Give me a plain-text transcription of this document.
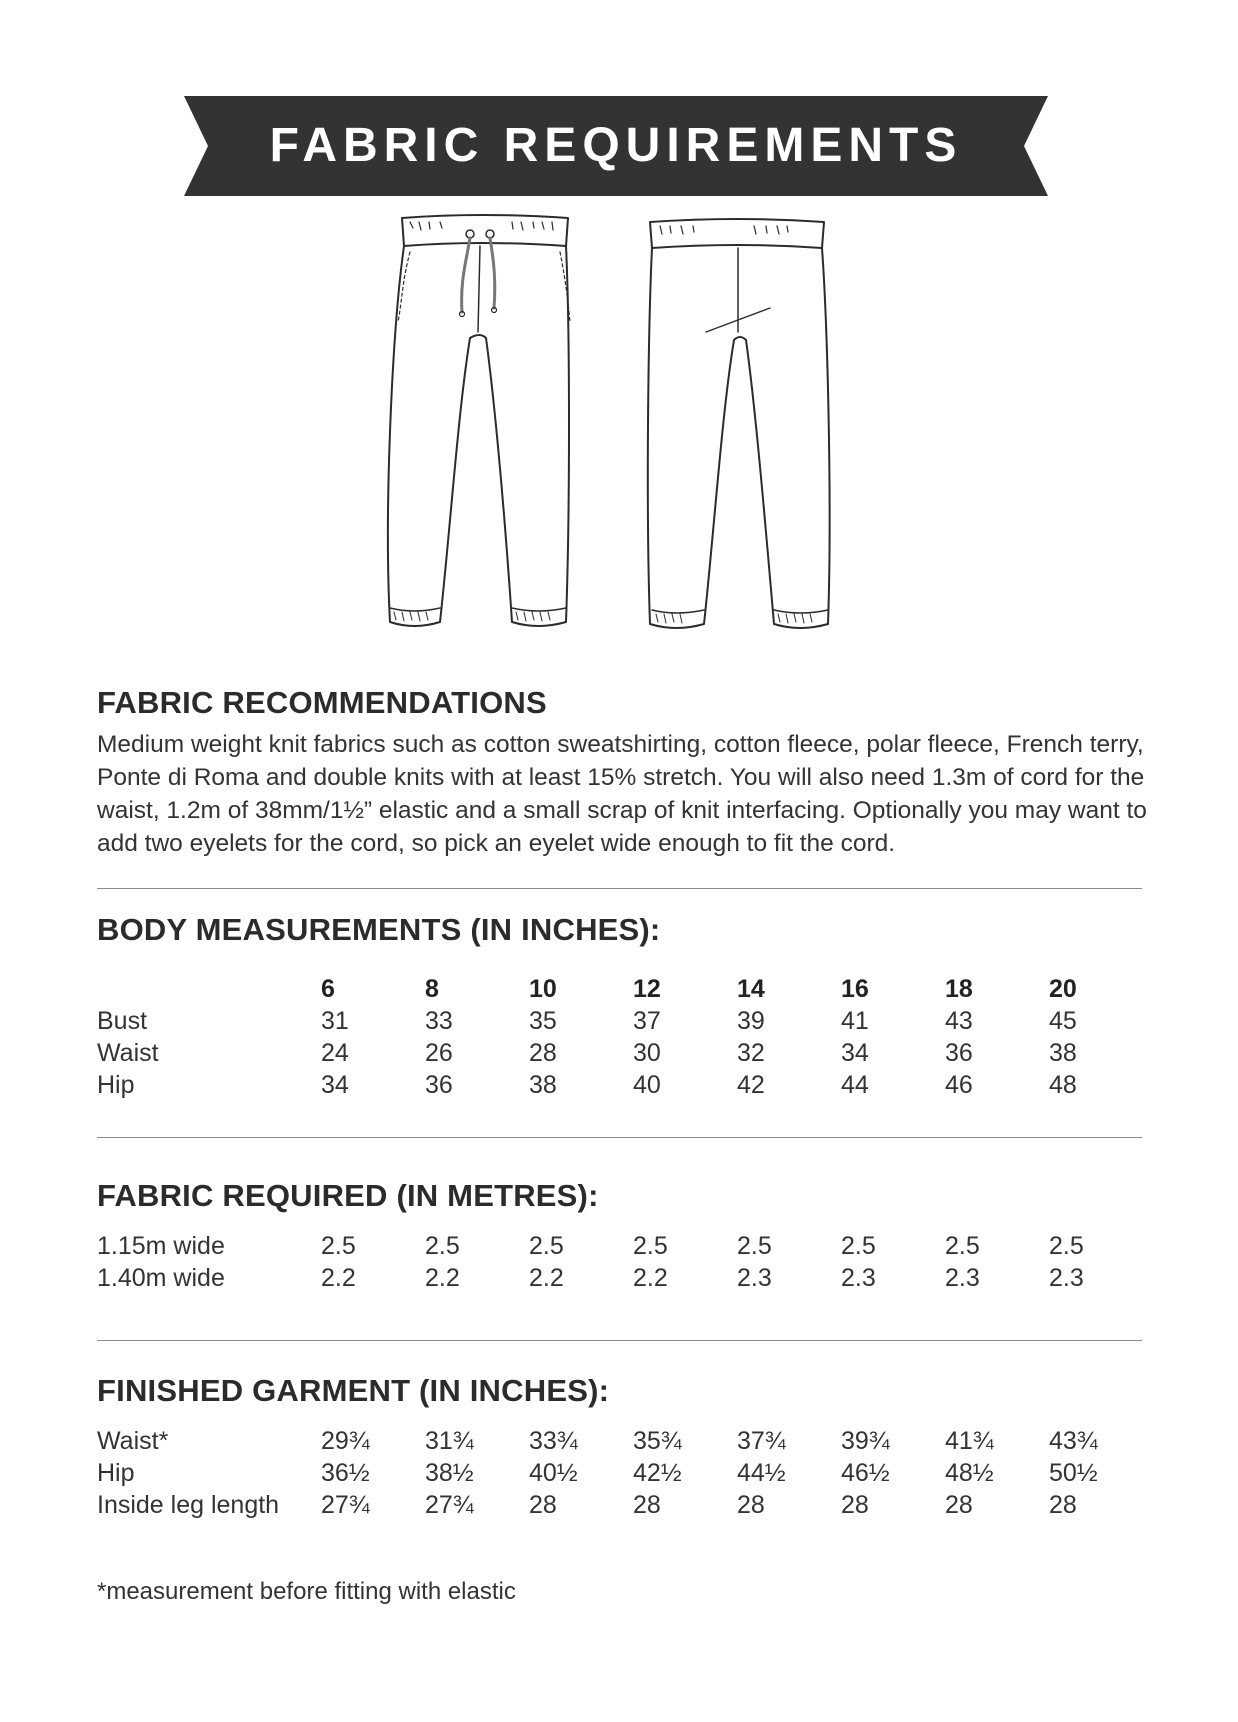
FABRIC REQUIREMENTS
FABRIC RECOMMENDATIONS
Medium weight knit fabrics such as cotton sweatshirting, cotton fleece, polar fleece, French terry, Ponte di Roma and double knits with at least 15% stretch. You will also need 1.3m of cord for the waist, 1.2m of 38mm/1½” elastic and a small scrap of knit interfacing. Optionally you may want to add two eyelets for the cord, so pick an eyelet wide enough to fit the cord.
BODY MEASUREMENTS (IN INCHES):
6	8	10	12	14	16	18	20
Bust	31	33	35	37	39	41	43	45
Waist	24	26	28	30	32	34	36	38
Hip	34	36	38	40	42	44	46	48
FABRIC REQUIRED (IN METRES):
1.15m wide	2.5	2.5	2.5	2.5	2.5	2.5	2.5	2.5
1.40m wide	2.2	2.2	2.2	2.2	2.3	2.3	2.3	2.3
FINISHED GARMENT (IN INCHES):
Waist*	29¾ 31¾ 33¾ 35¾ 37¾ 39¾ 41¾ 43¾
Hip	36½ 38½ 40½ 42½ 44½ 46½ 48½ 50½
Inside leg length 27¾ 27¾ 28	28	28	28	28	28
*measurement before fitting with elastic
